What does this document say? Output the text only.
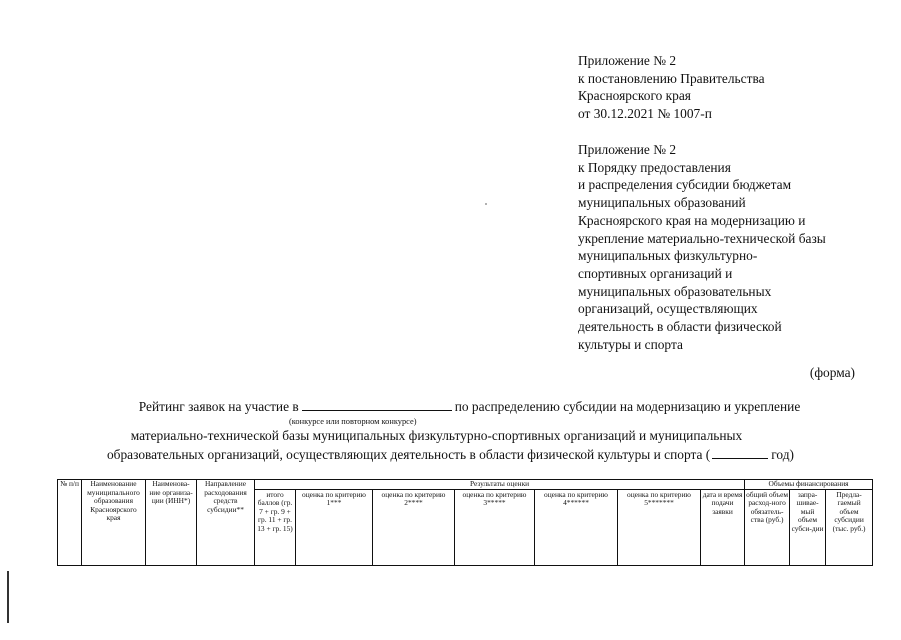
Приложение № 2
к постановлению Правительства
Красноярского края
от 30.12.2021 № 1007-п
Приложение № 2
к Порядку предоставления
и распределения субсидии бюджетам
муниципальных образований
Красноярского края на модернизацию и
укрепление материально-технической базы
муниципальных физкультурно-
спортивных организаций и
муниципальных образовательных
организаций, осуществляющих
деятельность в области физической
культуры и спорта
(форма)
Рейтинг заявок на участие в	по распределению субсидии на модернизацию и укрепление
(конкурсе или повторном конкурсе)
материально-технической базы муниципальных физкультурно-спортивных организаций и муниципальных
образовательных организаций, осуществляющих деятельность в области физической культуры и спорта (	год)
№ п/п	Наименование муниципального образования Красноярского края	Наименова-ние организа-ции (ИНН*)	Направление расходования средств субсидии**	Результаты оценки							Объемы финансирования		
				итого баллов (гр. 7 + гр. 9 + гр. 11 + гр. 13 + гр. 15)	оценка по критерию 1***	оценка по критерию 2****	оценка по критерию 3*****	оценка по критерию 4******	оценка по критерию 5*******	дата и время подачи заявки	общий объем расход-ного обязатель-ства (руб.)	запра-шивае-мый объем субси-дии	Предла-гаемый объем субсидии (тыс. руб.)
